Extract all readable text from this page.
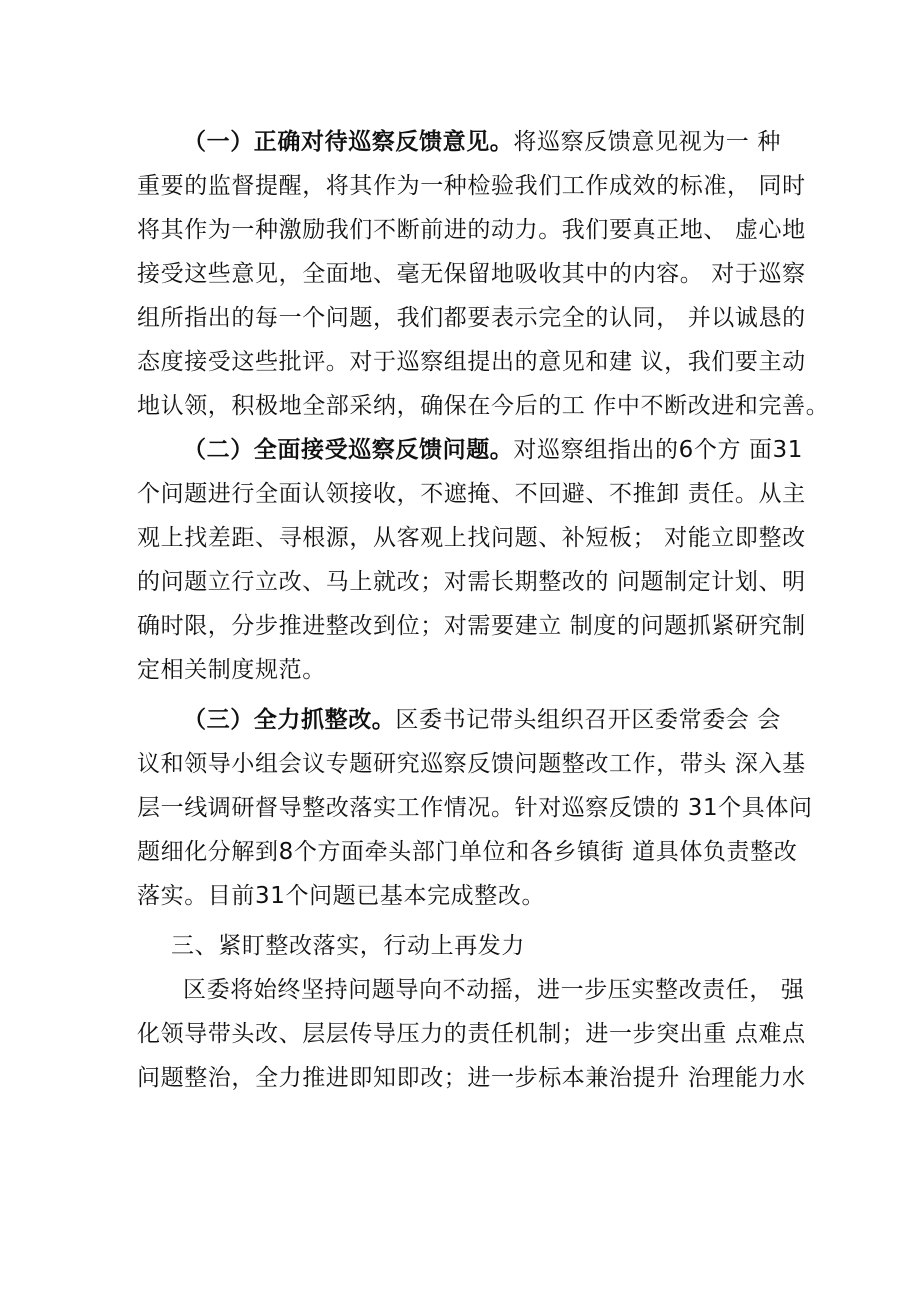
（一）正确对待巡察反馈意见。将巡察反馈意见视为一 种
重要的监督提醒，将其作为一种检验我们工作成效的标准， 同时
将其作为一种激励我们不断前进的动力。我们要真正地、 虚心地
接受这些意见，全面地、毫无保留地吸收其中的内容。 对于巡察
组所指出的每一个问题，我们都要表示完全的认同， 并以诚恳的
态度接受这些批评。对于巡察组提出的意见和建 议，我们要主动
地认领，积极地全部采纳，确保在今后的工 作中不断改进和完善。
（二）全面接受巡察反馈问题。对巡察组指出的6个方 面31
个问题进行全面认领接收，不遮掩、不回避、不推卸 责任。从主
观上找差距、寻根源，从客观上找问题、补短板； 对能立即整改
的问题立行立改、马上就改；对需长期整改的 问题制定计划、明
确时限，分步推进整改到位；对需要建立 制度的问题抓紧研究制
定相关制度规范。
（三）全力抓整改。区委书记带头组织召开区委常委会 会
议和领导小组会议专题研究巡察反馈问题整改工作，带头 深入基
层一线调研督导整改落实工作情况。针对巡察反馈的 31个具体问
题细化分解到8个方面牵头部门单位和各乡镇街 道具体负责整改
落实。目前31个问题已基本完成整改。
三、紧盯整改落实，行动上再发力
区委将始终坚持问题导向不动摇，进一步压实整改责任， 强
化领导带头改、层层传导压力的责任机制；进一步突出重 点难点
问题整治，全力推进即知即改；进一步标本兼治提升 治理能力水
